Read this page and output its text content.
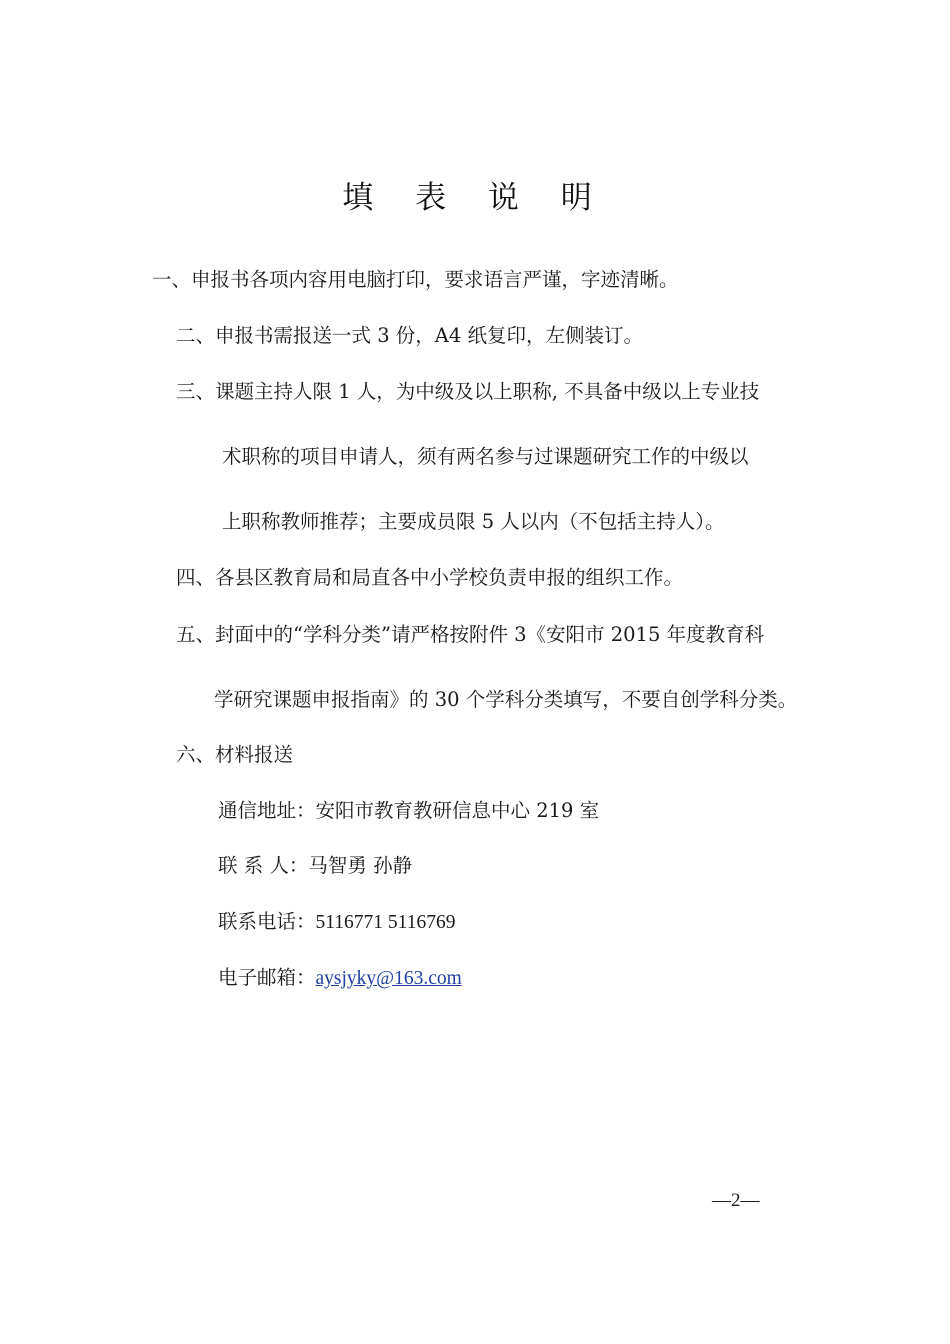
填 表 说 明
一、申报书各项内容用电脑打印，要求语言严谨，字迹清晰。
二、申报书需报送一式 3 份，A4 纸复印，左侧装订。
三、课题主持人限 1 人，为中级及以上职称, 不具备中级以上专业技
术职称的项目申请人，须有两名参与过课题研究工作的中级以
上职称教师推荐；主要成员限 5 人以内（不包括主持人）。
四、各县区教育局和局直各中小学校负责申报的组织工作。
五、封面中的“学科分类”请严格按附件 3《安阳市 2015 年度教育科
学研究课题申报指南》的 30 个学科分类填写，不要自创学科分类。
六、材料报送
通信地址：安阳市教育教研信息中心 219 室
联 系 人：马智勇 孙静
联系电话：5116771 5116769
电子邮箱：aysjyky@163.com
—2—
